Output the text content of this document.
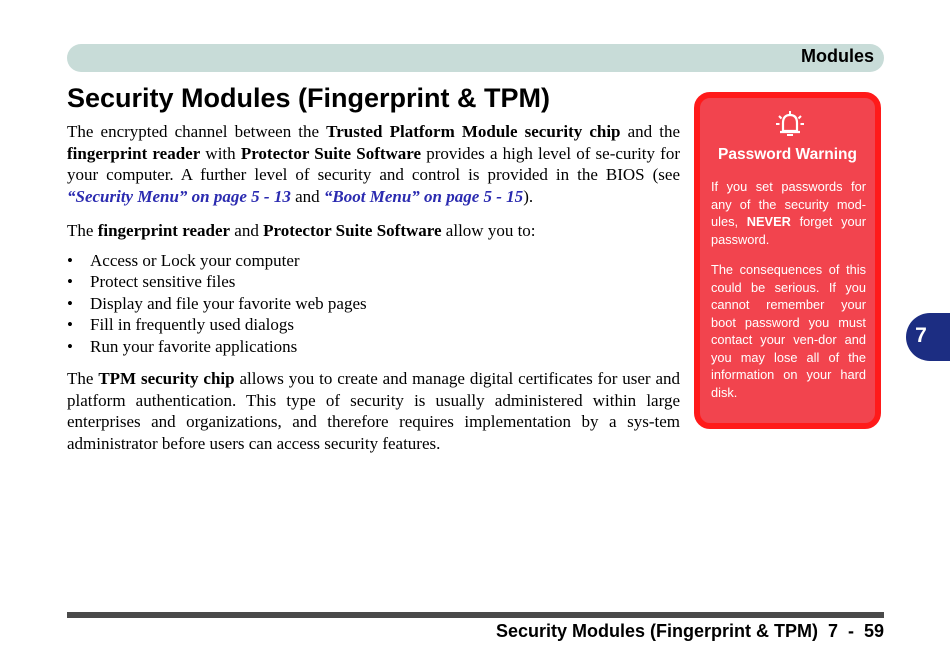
Modules
Security Modules (Fingerprint & TPM)

The encrypted channel between the Trusted Platform Module security chip and the fingerprint reader with Protector Suite Software provides a high level of se-curity for your computer. A further level of security and control is provided in the BIOS (see “Security Menu” on page 5 - 13 and “Boot Menu” on page 5 - 15).

The fingerprint reader and Protector Suite Software allow you to:

• Access or Lock your computer
• Protect sensitive files
• Display and file your favorite web pages
• Fill in frequently used dialogs
• Run your favorite applications

The TPM security chip allows you to create and manage digital certificates for user and platform authentication. This type of security is usually administered within large enterprises and organizations, and therefore requires implementation by a sys-tem administrator before users can access security features.

Password Warning

If you set passwords for any of the security mod-ules, NEVER forget your password.

The consequences of this could be serious. If you cannot remember your boot password you must contact your ven-dor and you may lose all of the information on your hard disk.

7
Security Modules (Fingerprint & TPM)  7  -  59
